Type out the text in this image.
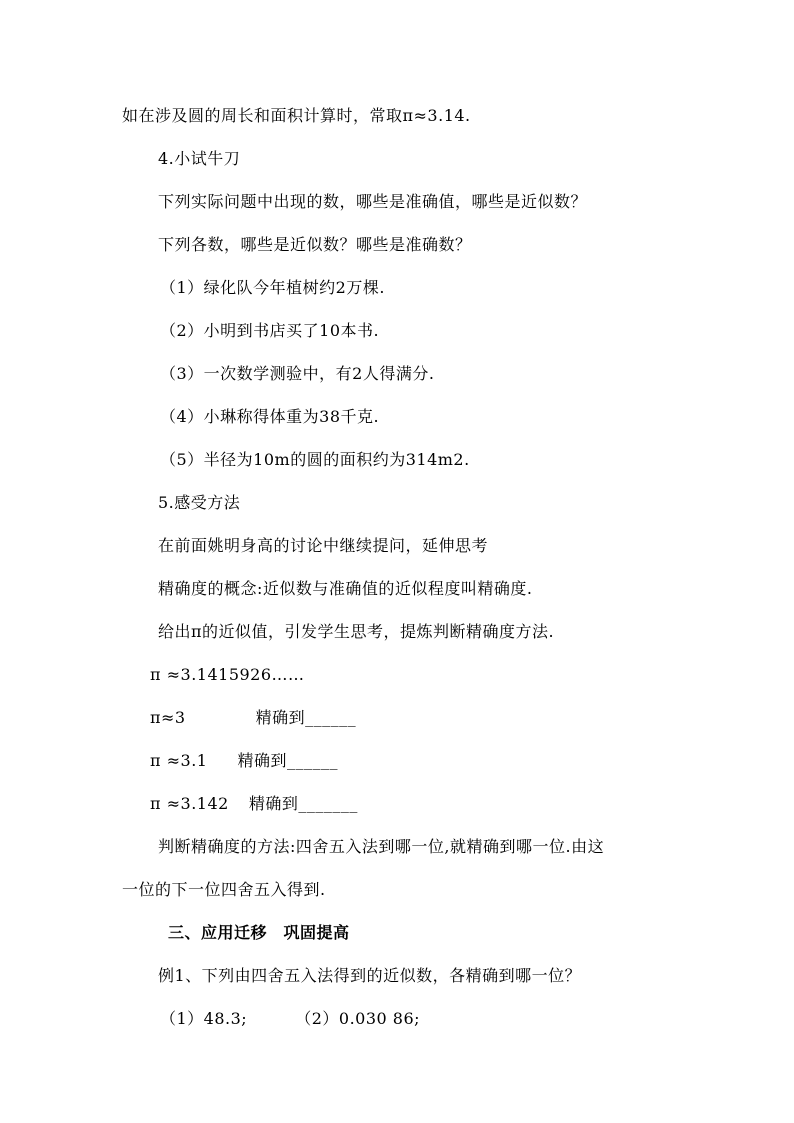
如在涉及圆的周长和面积计算时，常取π≈3.14.
4.小试牛刀
下列实际问题中出现的数，哪些是准确值，哪些是近似数？
下列各数，哪些是近似数？哪些是准确数？
（1）绿化队今年植树约2万棵.
（2）小明到书店买了10本书.
（3）一次数学测验中，有2人得满分.
（4）小琳称得体重为38千克.
（5）半径为10m的圆的面积约为314m2.
5.感受方法
在前面姚明身高的讨论中继续提问，延伸思考
精确度的概念:近似数与准确值的近似程度叫精确度.
给出π的近似值，引发学生思考，提炼判断精确度方法.
π ≈3.1415926……
π≈3	精确到______
π ≈3.1 精确到______
π ≈3.142 精确到_______
判断精确度的方法:四舍五入法到哪一位,就精确到哪一位.由这
一位的下一位四舍五入得到.
三、应用迁移　巩固提高
例1、下列由四舍五入法得到的近似数，各精确到哪一位？
（1）48.3;	（2）0.030 86;
